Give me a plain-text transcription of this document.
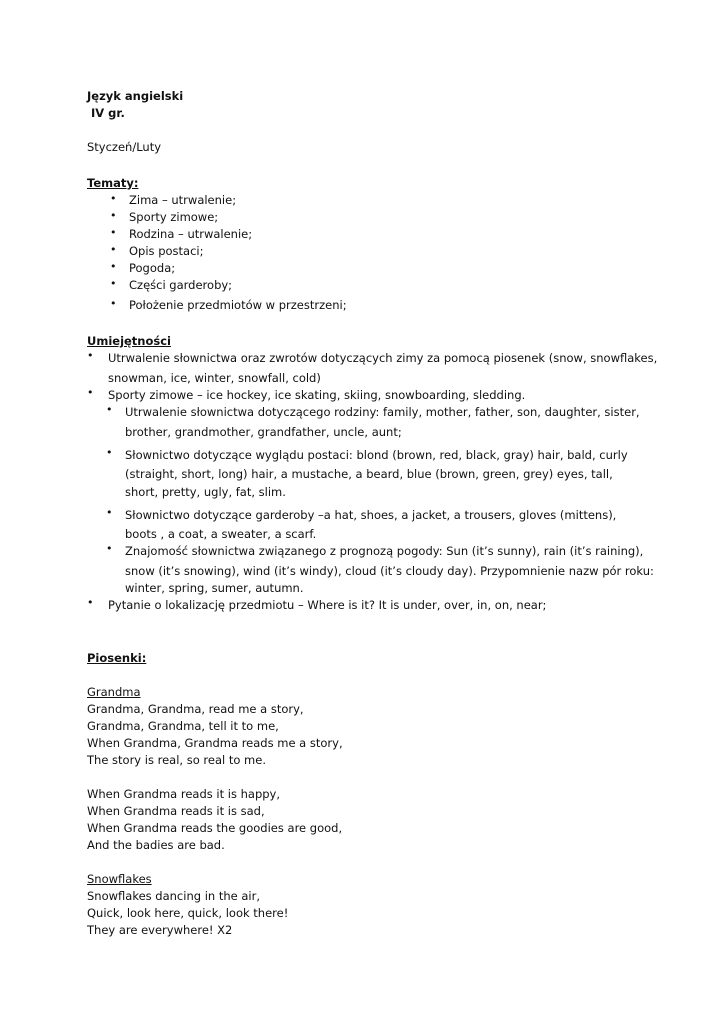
Język angielski
IV gr.
Styczeń/Luty
Tematy:
• Zima – utrwalenie;
• Sporty zimowe;
• Rodzina – utrwalenie;
• Opis postaci;
• Pogoda;
• Części garderoby;
• Położenie przedmiotów w przestrzeni;
Umiejętności
• Utrwalenie słownictwa oraz zwrotów dotyczących zimy za pomocą piosenek (snow, snowflakes,
snowman, ice, winter, snowfall, cold)
• Sporty zimowe – ice hockey, ice skating, skiing, snowboarding, sledding.
• Utrwalenie słownictwa dotyczącego rodziny: family, mother, father, son, daughter, sister,
brother, grandmother, grandfather, uncle, aunt;
• Słownictwo dotyczące wyglądu postaci: blond (brown, red, black, gray) hair, bald, curly
(straight, short, long) hair, a mustache, a beard, blue (brown, green, grey) eyes, tall,
short, pretty, ugly, fat, slim.
• Słownictwo dotyczące garderoby –a hat, shoes, a jacket, a trousers, gloves (mittens),
boots , a coat, a sweater, a scarf.
• Znajomość słownictwa związanego z prognozą pogody: Sun (it’s sunny), rain (it’s raining),
snow (it’s snowing), wind (it’s windy), cloud (it’s cloudy day). Przypomnienie nazw pór roku:
winter, spring, sumer, autumn.
• Pytanie o lokalizację przedmiotu – Where is it? It is under, over, in, on, near;
Piosenki:
Grandma
Grandma, Grandma, read me a story,
Grandma, Grandma, tell it to me,
When Grandma, Grandma reads me a story,
The story is real, so real to me.
When Grandma reads it is happy,
When Grandma reads it is sad,
When Grandma reads the goodies are good,
And the badies are bad.
Snowflakes
Snowflakes dancing in the air,
Quick, look here, quick, look there!
They are everywhere! X2
